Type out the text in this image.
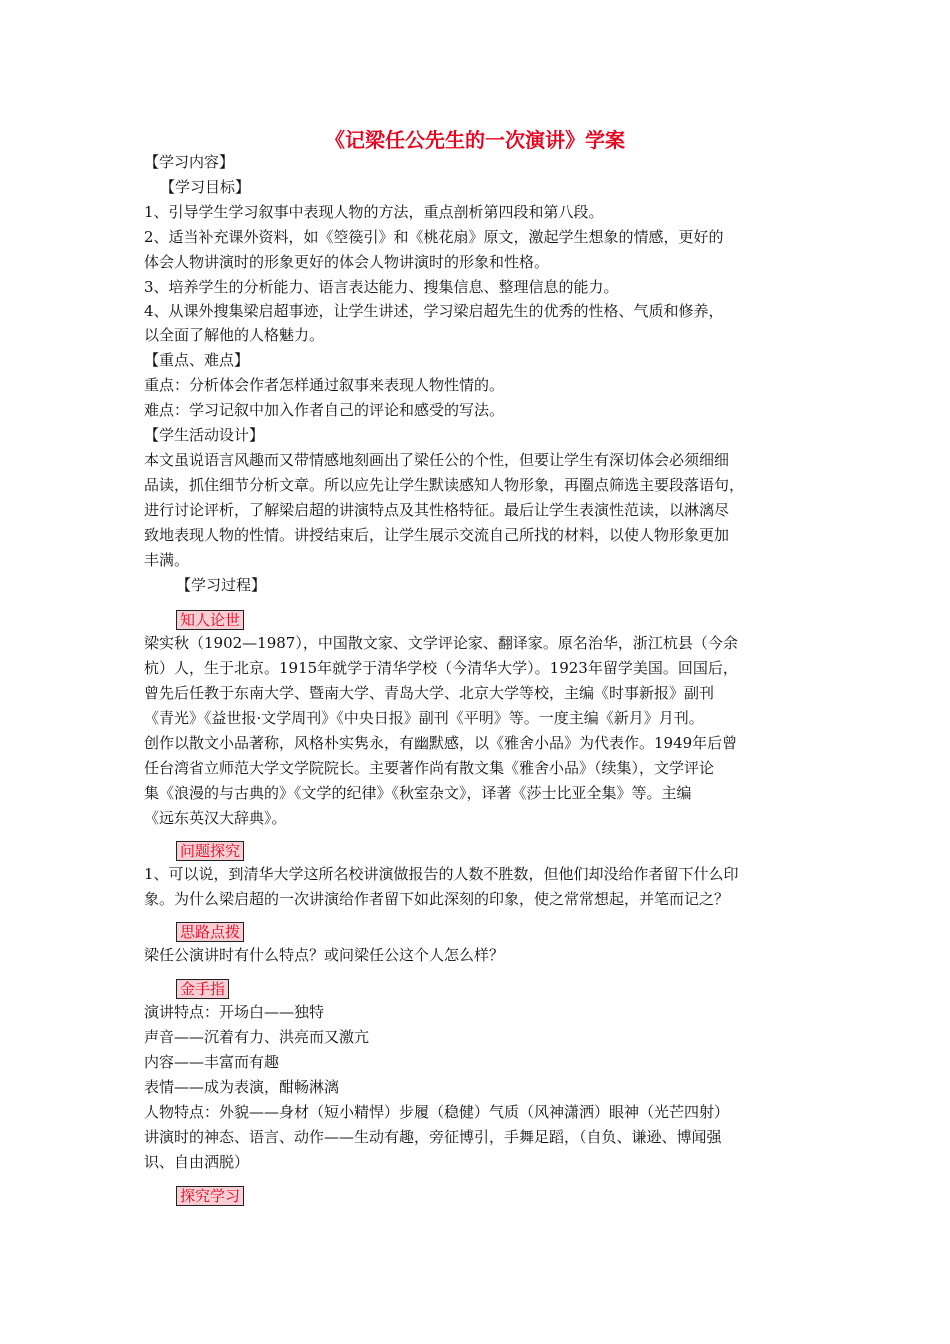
《记梁任公先生的一次演讲》学案
【学习内容】
【学习目标】
1、引导学生学习叙事中表现人物的方法，重点剖析第四段和第八段。
2、适当补充课外资料，如《箜篌引》和《桃花扇》原文，激起学生想象的情感，更好的
体会人物讲演时的形象更好的体会人物讲演时的形象和性格。
3、培养学生的分析能力、语言表达能力、搜集信息、整理信息的能力。
4、从课外搜集梁启超事迹，让学生讲述，学习梁启超先生的优秀的性格、气质和修养，
以全面了解他的人格魅力。
【重点、难点】
重点：分析体会作者怎样通过叙事来表现人物性情的。
难点：学习记叙中加入作者自己的评论和感受的写法。
【学生活动设计】
本文虽说语言风趣而又带情感地刻画出了梁任公的个性，但要让学生有深切体会必须细细
品读，抓住细节分析文章。所以应先让学生默读感知人物形象，再圈点筛选主要段落语句，
进行讨论评析，了解梁启超的讲演特点及其性格特征。最后让学生表演性范读，以淋漓尽
致地表现人物的性情。讲授结束后，让学生展示交流自己所找的材料，以使人物形象更加
丰满。
【学习过程】
知人论世
梁实秋（1902—1987），中国散文家、文学评论家、翻译家。原名治华，浙江杭县（今余
杭）人，生于北京。1915年就学于清华学校（今清华大学）。1923年留学美国。回国后，
曾先后任教于东南大学、暨南大学、青岛大学、北京大学等校，主编《时事新报》副刊
《青光》《益世报·文学周刊》《中央日报》副刊《平明》等。一度主编《新月》月刊。
创作以散文小品著称，风格朴实隽永，有幽默感，以《雅舍小品》为代表作。1949年后曾
任台湾省立师范大学文学院院长。主要著作尚有散文集《雅舍小品》（续集），文学评论
集《浪漫的与古典的》《文学的纪律》《秋室杂文》，译著《莎士比亚全集》等。主编
《远东英汉大辞典》。
问题探究
1、可以说，到清华大学这所名校讲演做报告的人数不胜数，但他们却没给作者留下什么印
象。为什么梁启超的一次讲演给作者留下如此深刻的印象，使之常常想起，并笔而记之？
思路点拨
梁任公演讲时有什么特点？或问梁任公这个人怎么样？
金手指
演讲特点：开场白——独特
声音——沉着有力、洪亮而又激亢
内容——丰富而有趣
表情——成为表演，酣畅淋漓
人物特点：外貌——身材（短小精悍）步履（稳健）气质（风神潇洒）眼神（光芒四射）
讲演时的神态、语言、动作——生动有趣，旁征博引，手舞足蹈，（自负、谦逊、博闻强
识、自由洒脱）
探究学习
